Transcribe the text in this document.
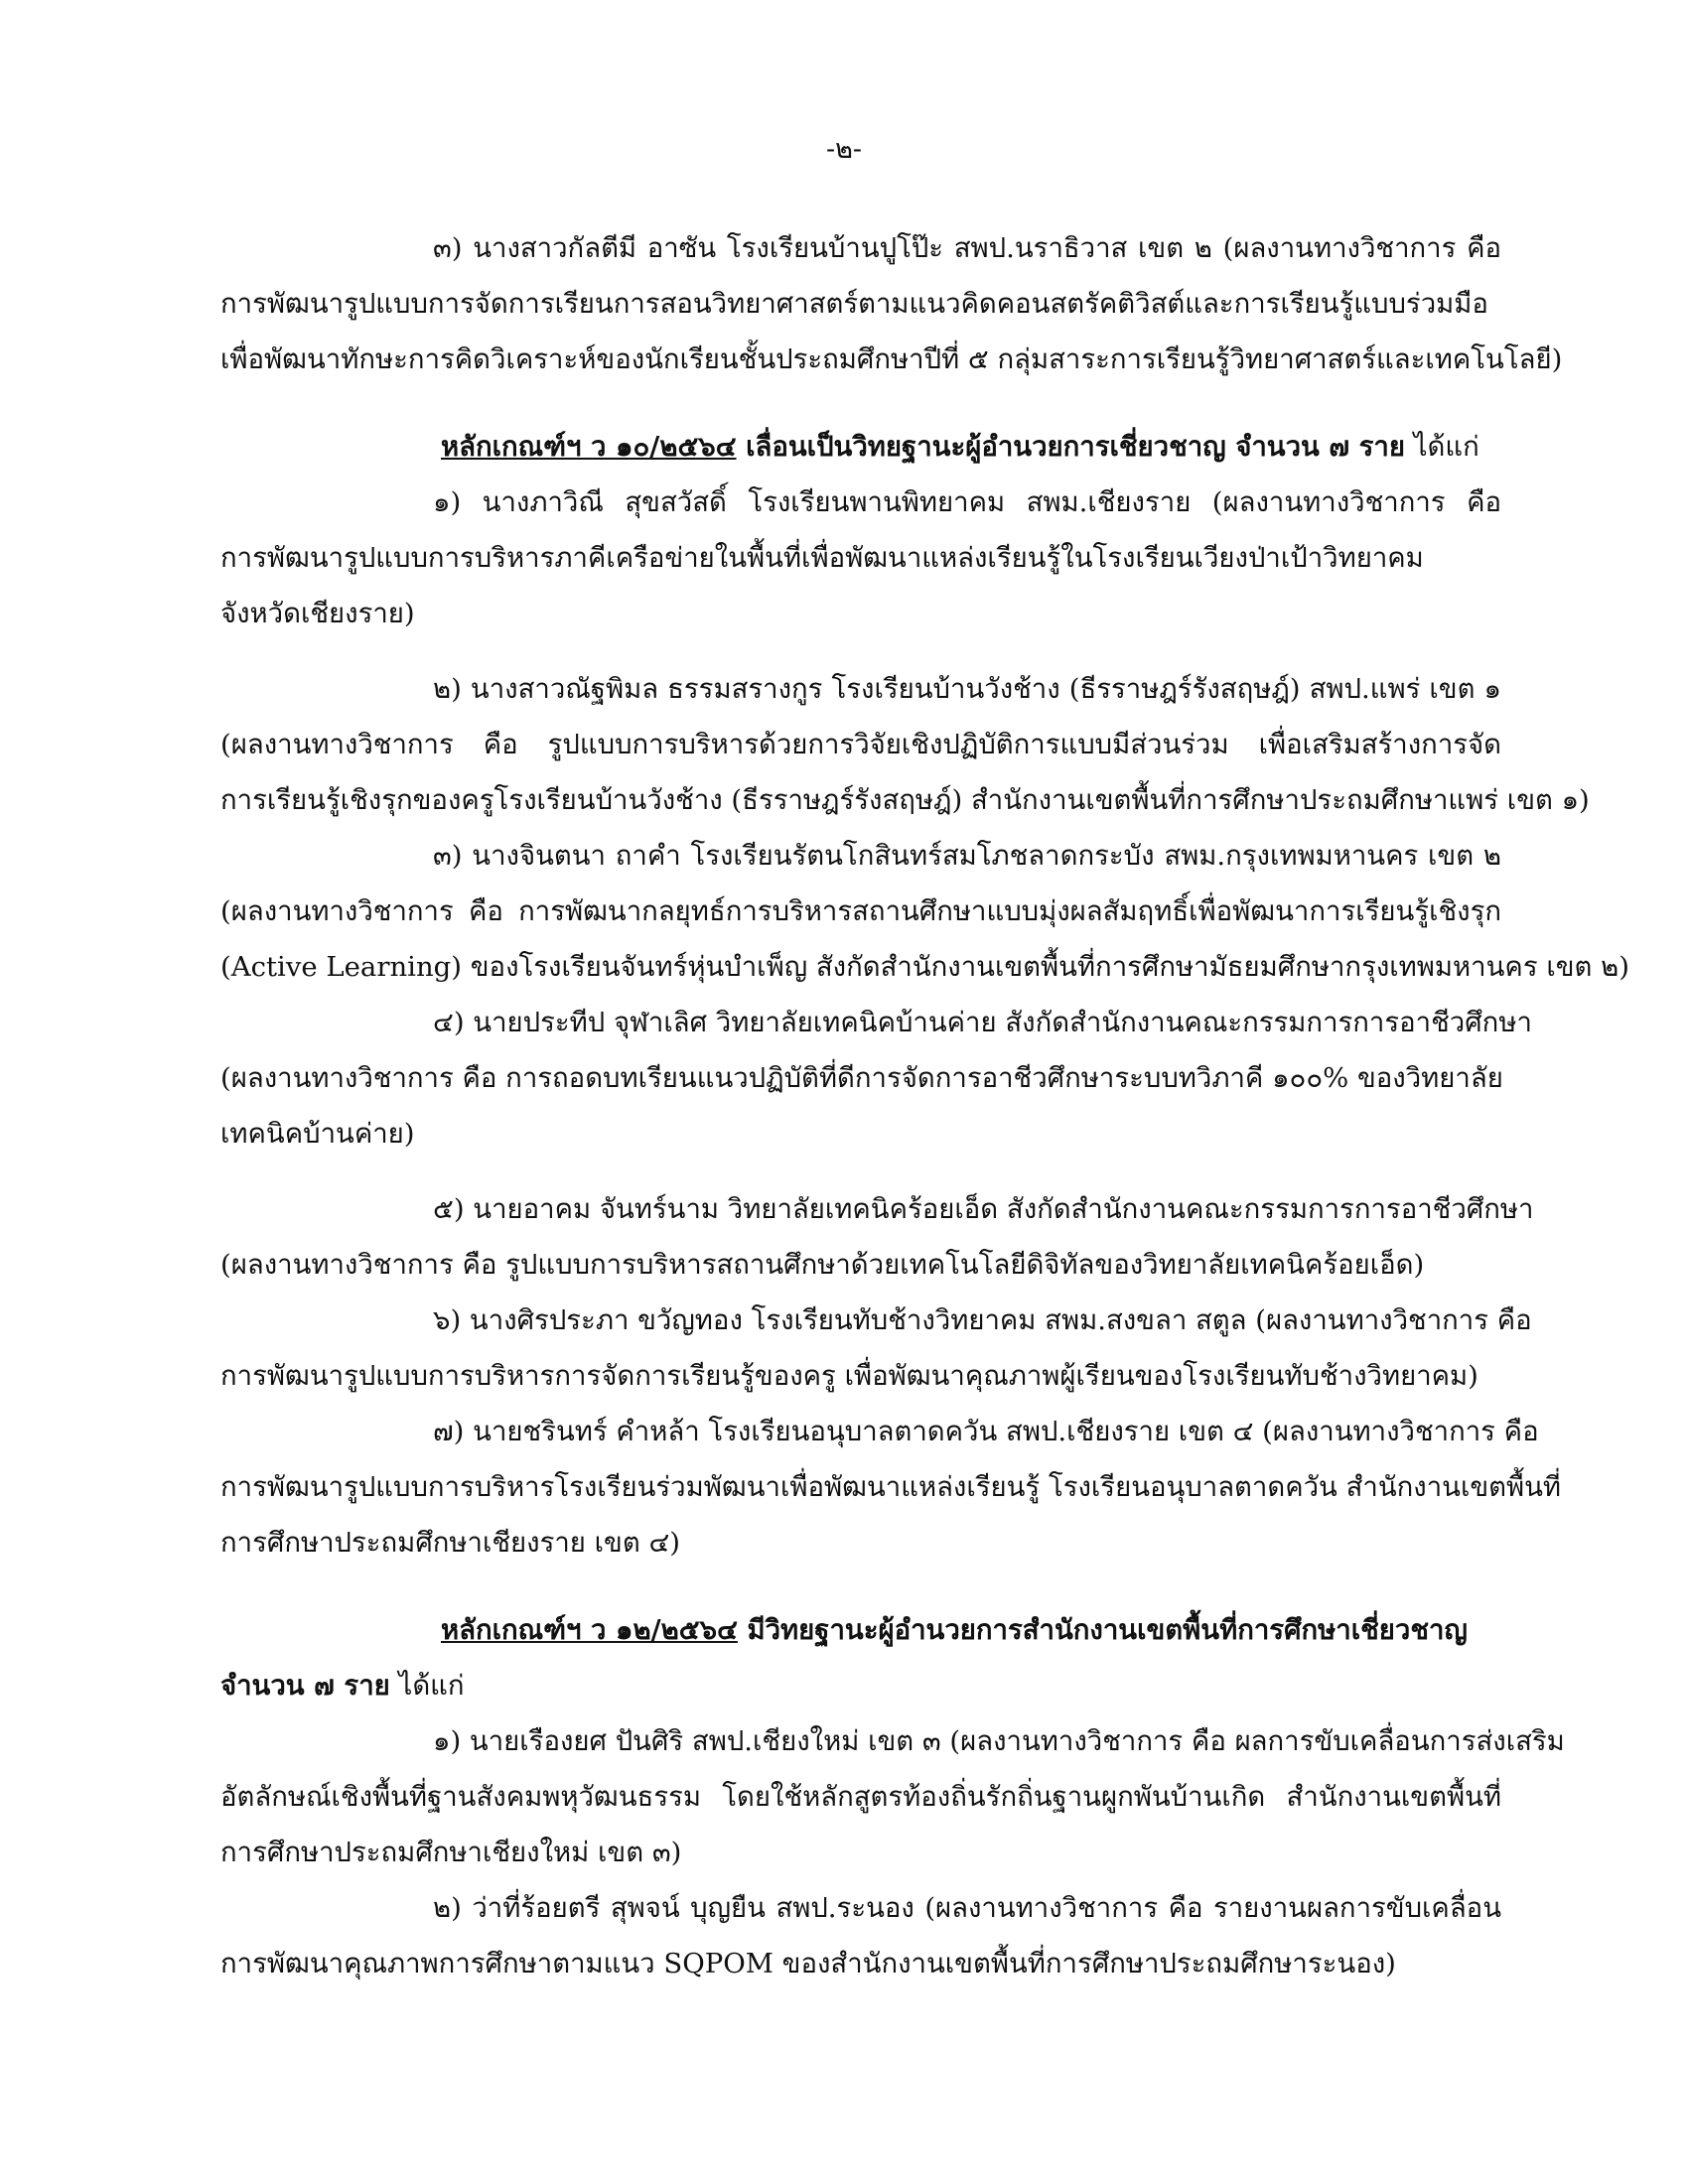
-๒-
๓) นางสาวกัลตีมี อาซัน โรงเรียนบ้านปูโป๊ะ สพป.นราธิวาส เขต ๒ (ผลงานทางวิชาการ คือ
การพัฒนารูปแบบการจัดการเรียนการสอนวิทยาศาสตร์ตามแนวคิดคอนสตรัคติวิสต์และการเรียนรู้แบบร่วมมือ
เพื่อพัฒนาทักษะการคิดวิเคราะห์ของนักเรียนชั้นประถมศึกษาปีที่ ๕ กลุ่มสาระการเรียนรู้วิทยาศาสตร์และเทคโนโลยี)
หลักเกณฑ์ฯ ว ๑๐/๒๕๖๔ เลื่อนเป็นวิทยฐานะผู้อำนวยการเชี่ยวชาญ จำนวน ๗ ราย ได้แก่
๑) นางภาวิณี สุขสวัสดิ์ โรงเรียนพานพิทยาคม สพม.เชียงราย (ผลงานทางวิชาการ คือ
การพัฒนารูปแบบการบริหารภาคีเครือข่ายในพื้นที่เพื่อพัฒนาแหล่งเรียนรู้ในโรงเรียนเวียงป่าเป้าวิทยาคม
จังหวัดเชียงราย)
๒) นางสาวณัฐพิมล ธรรมสรางกูร โรงเรียนบ้านวังช้าง (ธีรราษฎร์รังสฤษฎ์) สพป.แพร่ เขต ๑
(ผลงานทางวิชาการ คือ รูปแบบการบริหารด้วยการวิจัยเชิงปฏิบัติการแบบมีส่วนร่วม เพื่อเสริมสร้างการจัด
การเรียนรู้เชิงรุกของครูโรงเรียนบ้านวังช้าง (ธีรราษฎร์รังสฤษฎ์) สำนักงานเขตพื้นที่การศึกษาประถมศึกษาแพร่ เขต ๑)
๓) นางจินตนา ถาคำ โรงเรียนรัตนโกสินทร์สมโภชลาดกระบัง สพม.กรุงเทพมหานคร เขต ๒
(ผลงานทางวิชาการ คือ การพัฒนากลยุทธ์การบริหารสถานศึกษาแบบมุ่งผลสัมฤทธิ์เพื่อพัฒนาการเรียนรู้เชิงรุก
(Active Learning) ของโรงเรียนจันทร์หุ่นบำเพ็ญ สังกัดสำนักงานเขตพื้นที่การศึกษามัธยมศึกษากรุงเทพมหานคร เขต ๒)
๔) นายประทีป จุฬาเลิศ วิทยาลัยเทคนิคบ้านค่าย สังกัดสำนักงานคณะกรรมการการอาชีวศึกษา
(ผลงานทางวิชาการ คือ การถอดบทเรียนแนวปฏิบัติที่ดีการจัดการอาชีวศึกษาระบบทวิภาคี ๑๐๐% ของวิทยาลัย
เทคนิคบ้านค่าย)
๕) นายอาคม จันทร์นาม วิทยาลัยเทคนิคร้อยเอ็ด สังกัดสำนักงานคณะกรรมการการอาชีวศึกษา
(ผลงานทางวิชาการ คือ รูปแบบการบริหารสถานศึกษาด้วยเทคโนโลยีดิจิทัลของวิทยาลัยเทคนิคร้อยเอ็ด)
๖) นางศิรประภา ขวัญทอง โรงเรียนทับช้างวิทยาคม สพม.สงขลา สตูล (ผลงานทางวิชาการ คือ
การพัฒนารูปแบบการบริหารการจัดการเรียนรู้ของครู เพื่อพัฒนาคุณภาพผู้เรียนของโรงเรียนทับช้างวิทยาคม)
๗) นายชรินทร์ คำหล้า โรงเรียนอนุบาลตาดควัน สพป.เชียงราย เขต ๔ (ผลงานทางวิชาการ คือ
การพัฒนารูปแบบการบริหารโรงเรียนร่วมพัฒนาเพื่อพัฒนาแหล่งเรียนรู้ โรงเรียนอนุบาลตาดควัน สำนักงานเขตพื้นที่
การศึกษาประถมศึกษาเชียงราย เขต ๔)
หลักเกณฑ์ฯ ว ๑๒/๒๕๖๔ มีวิทยฐานะผู้อำนวยการสำนักงานเขตพื้นที่การศึกษาเชี่ยวชาญ
จำนวน ๗ ราย ได้แก่
๑) นายเรืองยศ ปันศิริ สพป.เชียงใหม่ เขต ๓ (ผลงานทางวิชาการ คือ ผลการขับเคลื่อนการส่งเสริม
อัตลักษณ์เชิงพื้นที่ฐานสังคมพหุวัฒนธรรม โดยใช้หลักสูตรท้องถิ่นรักถิ่นฐานผูกพันบ้านเกิด สำนักงานเขตพื้นที่
การศึกษาประถมศึกษาเชียงใหม่ เขต ๓)
๒) ว่าที่ร้อยตรี สุพจน์ บุญยืน สพป.ระนอง (ผลงานทางวิชาการ คือ รายงานผลการขับเคลื่อน
การพัฒนาคุณภาพการศึกษาตามแนว SQPOM ของสำนักงานเขตพื้นที่การศึกษาประถมศึกษาระนอง)
